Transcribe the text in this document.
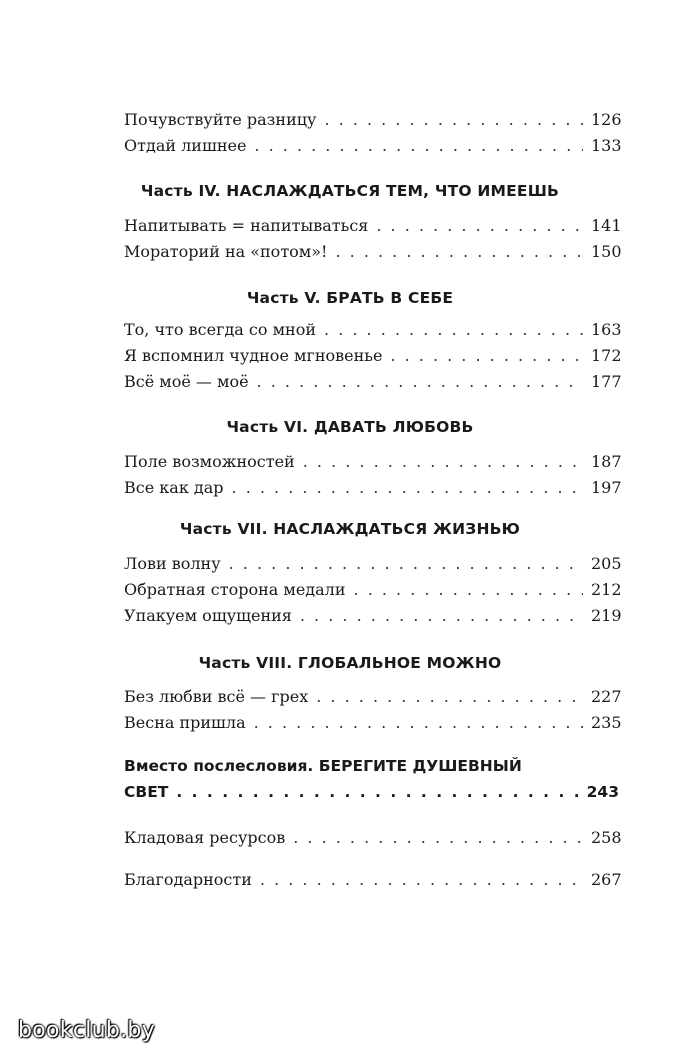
Почувствуйте разницу . . .	126
Отдай лишнее . . .	133
Часть IV. НАСЛАЖДАТЬСЯ ТЕМ, ЧТО ИМЕЕШЬ
Напитывать = напитываться . . .	141
Мораторий на «потом»! . . .	150
Часть V. БРАТЬ В СЕБЕ
То, что всегда со мной . . .	163
Я вспомнил чудное мгновенье . . .	172
Всё моё — моё . . .	177
Часть VI. ДАВАТЬ ЛЮБОВЬ
Поле возможностей . . .	187
Все как дар . . .	197
Часть VII. НАСЛАЖДАТЬСЯ ЖИЗНЬЮ
Лови волну . . .	205
Обратная сторона медали . . .	212
Упакуем ощущения . . .	219
Часть VIII. ГЛОБАЛЬНОЕ МОЖНО
Без любви всё — грех . . .	227
Весна пришла . . .	235
Вместо послесловия. БЕРЕГИТЕ ДУШЕВНЫЙ
СВЕТ . . .	243
Кладовая ресурсов . . .	258
Благодарности . . .	267
bookclub.by
